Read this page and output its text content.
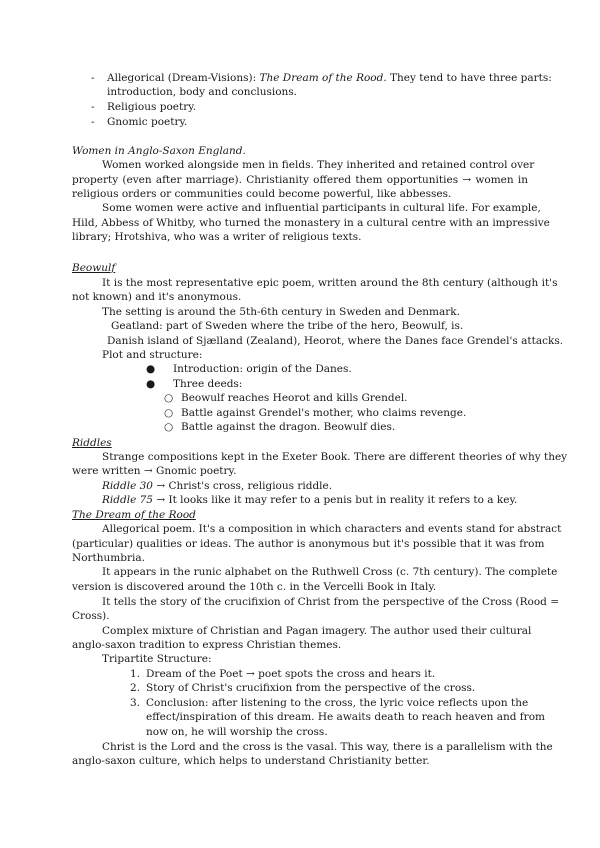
- Allegorical (Dream-Visions): The Dream of the Rood. They tend to have three parts:
introduction, body and conclusions.
- Religious poetry.
- Gnomic poetry.
Women in Anglo-Saxon England.
Women worked alongside men in fields. They inherited and retained control over
property (even after marriage). Christianity offered them opportunities → women in
religious orders or communities could become powerful, like abbesses.
Some women were active and influential participants in cultural life. For example,
Hild, Abbess of Whitby, who turned the monastery in a cultural centre with an impressive
library; Hrotshiva, who was a writer of religious texts.
Beowulf
It is the most representative epic poem, written around the 8th century (although it's
not known) and it's anonymous.
The setting is around the 5th-6th century in Sweden and Denmark.
Geatland: part of Sweden where the tribe of the hero, Beowulf, is.
Danish island of Sjælland (Zealand), Heorot, where the Danes face Grendel's attacks.
Plot and structure:
● Introduction: origin of the Danes.
● Three deeds:
○ Beowulf reaches Heorot and kills Grendel.
○ Battle against Grendel's mother, who claims revenge.
○ Battle against the dragon. Beowulf dies.
Riddles
Strange compositions kept in the Exeter Book. There are different theories of why they
were written → Gnomic poetry.
Riddle 30 → Christ's cross, religious riddle.
Riddle 75 → It looks like it may refer to a penis but in reality it refers to a key.
The Dream of the Rood
Allegorical poem. It's a composition in which characters and events stand for abstract
(particular) qualities or ideas. The author is anonymous but it's possible that it was from
Northumbria.
It appears in the runic alphabet on the Ruthwell Cross (c. 7th century). The complete
version is discovered around the 10th c. in the Vercelli Book in Italy.
It tells the story of the crucifixion of Christ from the perspective of the Cross (Rood =
Cross).
Complex mixture of Christian and Pagan imagery. The author used their cultural
anglo-saxon tradition to express Christian themes.
Tripartite Structure:
1. Dream of the Poet → poet spots the cross and hears it.
2. Story of Christ's crucifixion from the perspective of the cross.
3. Conclusion: after listening to the cross, the lyric voice reflects upon the
effect/inspiration of this dream. He awaits death to reach heaven and from
now on, he will worship the cross.
Christ is the Lord and the cross is the vasal. This way, there is a parallelism with the
anglo-saxon culture, which helps to understand Christianity better.
